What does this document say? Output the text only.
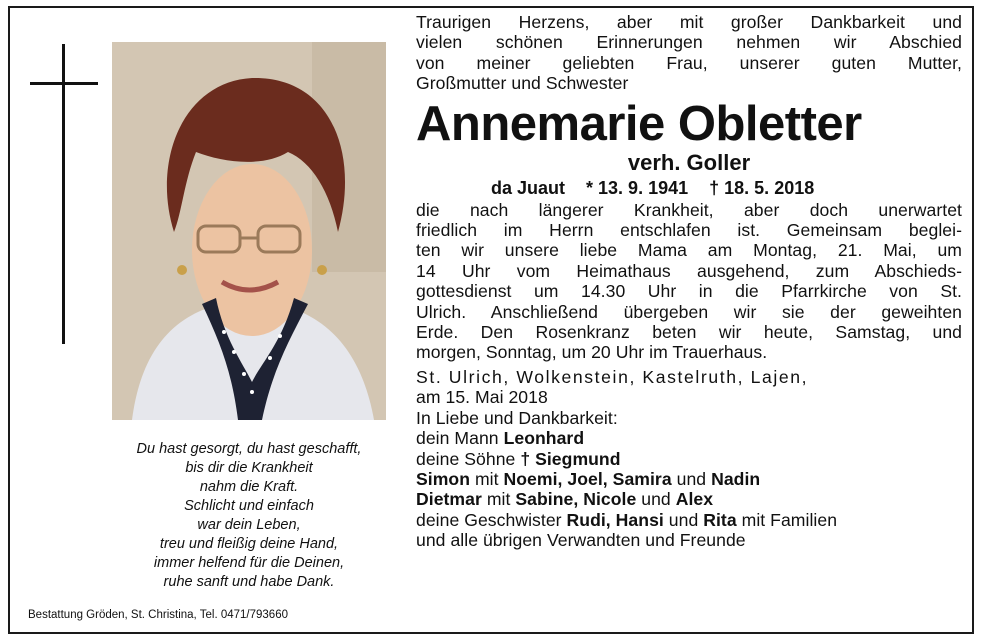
Du hast gesorgt, du hast geschafft,
bis dir die Krankheit
nahm die Kraft.
Schlicht und einfach
war dein Leben,
treu und fleißig deine Hand,
immer helfend für die Deinen,
ruhe sanft und habe Dank.
Bestattung Gröden, St. Christina, Tel. 0471/793660
Traurigen Herzens, aber mit großer Dankbarkeit und
vielen schönen Erinnerungen nehmen wir Abschied
von meiner geliebten Frau, unserer guten Mutter,
Großmutter und Schwester
Annemarie Obletter
verh. Goller
da Juaut * 13. 9. 1941 † 18. 5. 2018
die nach längerer Krankheit, aber doch unerwartet
friedlich im Herrn entschlafen ist. Gemeinsam beglei-
ten wir unsere liebe Mama am Montag, 21. Mai, um
14 Uhr vom Heimathaus ausgehend, zum Abschieds-
gottesdienst um 14.30 Uhr in die Pfarrkirche von St.
Ulrich. Anschließend übergeben wir sie der geweihten
Erde. Den Rosenkranz beten wir heute, Samstag, und
morgen, Sonntag, um 20 Uhr im Trauerhaus.
St. Ulrich, Wolkenstein, Kastelruth, Lajen,
am 15. Mai 2018
In Liebe und Dankbarkeit:
dein Mann Leonhard
deine Söhne † Siegmund
Simon mit Noemi, Joel, Samira und Nadin
Dietmar mit Sabine, Nicole und Alex
deine Geschwister Rudi, Hansi und Rita mit Familien
und alle übrigen Verwandten und Freunde
